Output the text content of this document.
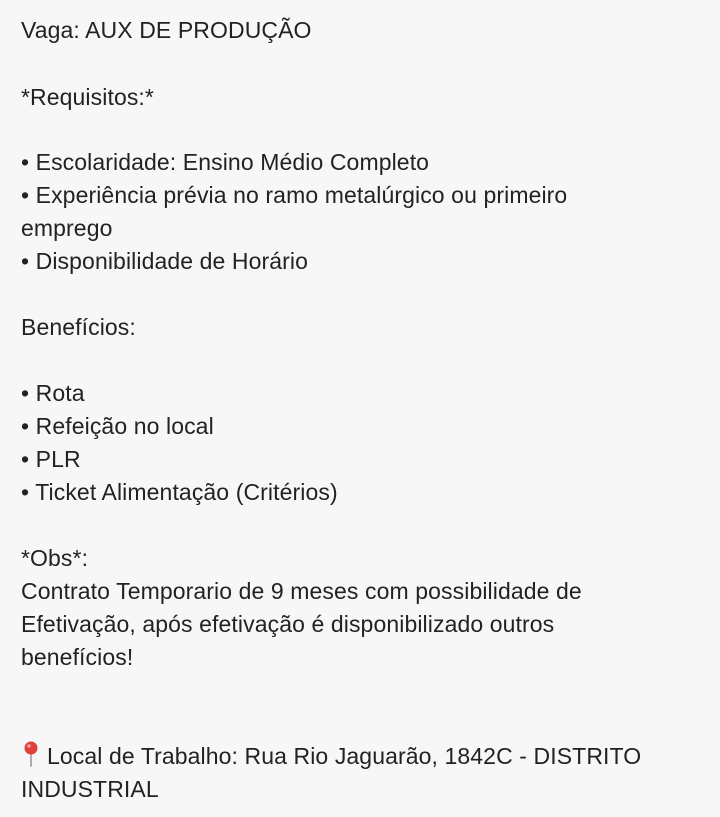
Vaga: AUX DE PRODUÇÃO
*Requisitos:*
• Escolaridade: Ensino Médio Completo
• Experiência prévia no ramo metalúrgico ou primeiro
emprego
• Disponibilidade de Horário
Benefícios:
• Rota
• Refeição no local
• PLR
• Ticket Alimentação (Critérios)
*Obs*:
Contrato Temporario de 9 meses com possibilidade de
Efetivação, após efetivação é disponibilizado outros
benefícios!
Local de Trabalho: Rua Rio Jaguarão, 1842C - DISTRITO
INDUSTRIAL
